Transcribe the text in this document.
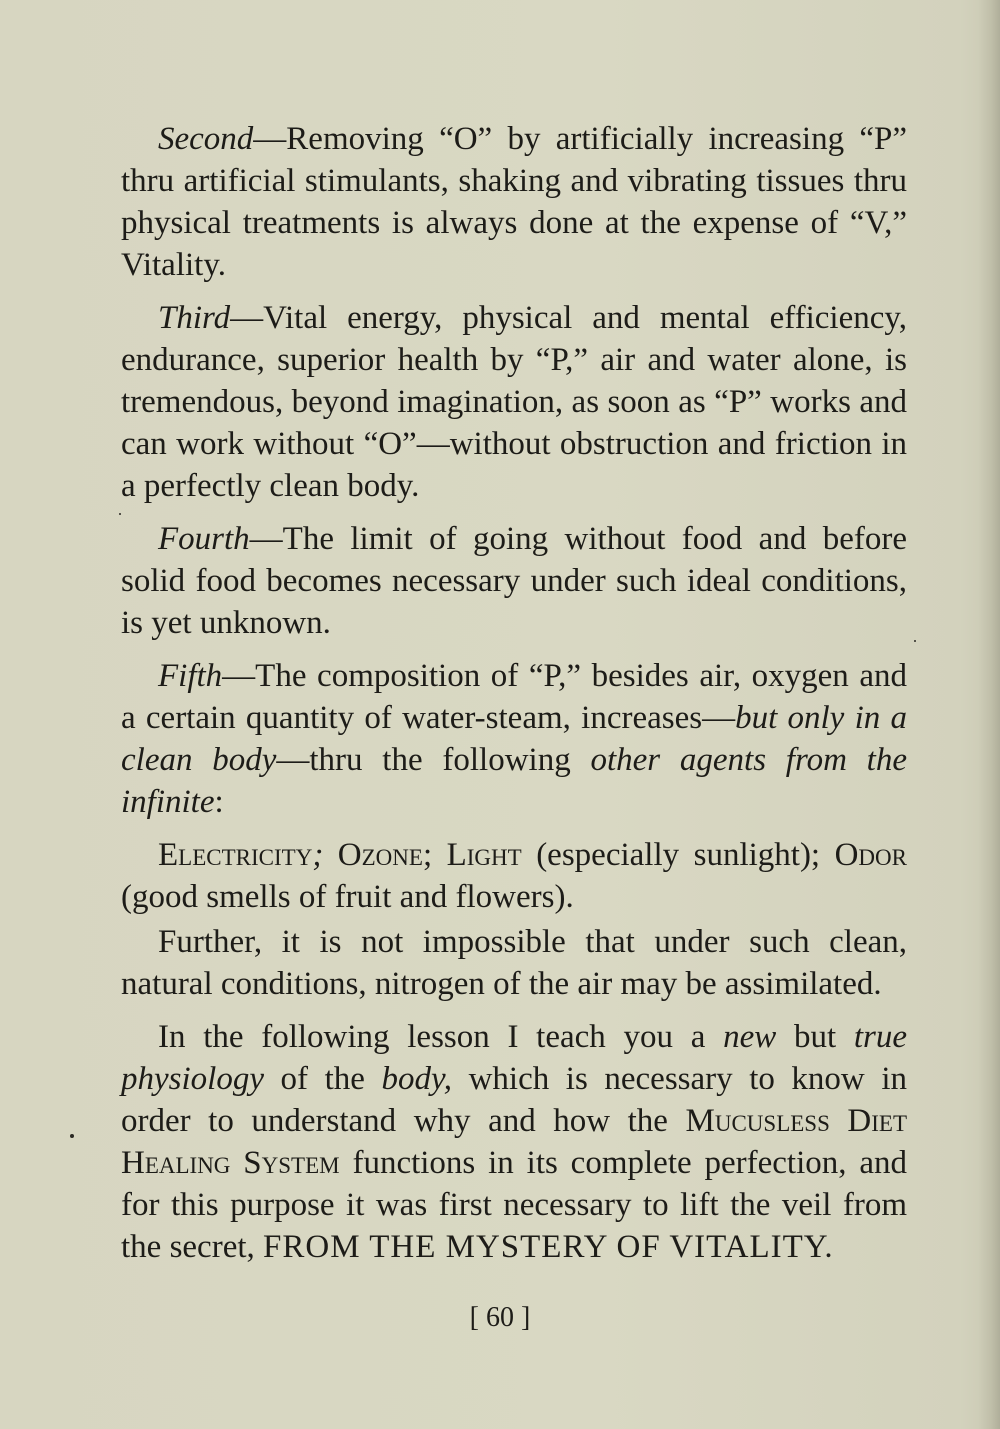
Second—Removing “O” by artificially increasing “P” thru artificial stimulants, shaking and vibrating tissues thru physical treatments is always done at the expense of “V,” Vitality.

Third—Vital energy, physical and mental efficiency, endurance, superior health by “P,” air and water alone, is tremendous, beyond imagination, as soon as “P” works and can work without “O”—without obstruction and friction in a perfectly clean body.

Fourth—The limit of going without food and before solid food becomes necessary under such ideal conditions, is yet unknown.

Fifth—The composition of “P,” besides air, oxygen and a certain quantity of water-steam, increases—but only in a clean body—thru the following other agents from the infinite:

Electricity; Ozone; Light (especially sunlight); Odor (good smells of fruit and flowers).

Further, it is not impossible that under such clean, natural conditions, nitrogen of the air may be assimilated.

In the following lesson I teach you a new but true physiology of the body, which is necessary to know in order to understand why and how the Mucusless Diet Healing System functions in its complete perfection, and for this purpose it was first necessary to lift the veil from the secret, FROM THE MYSTERY OF VITALITY.

[ 60 ]
